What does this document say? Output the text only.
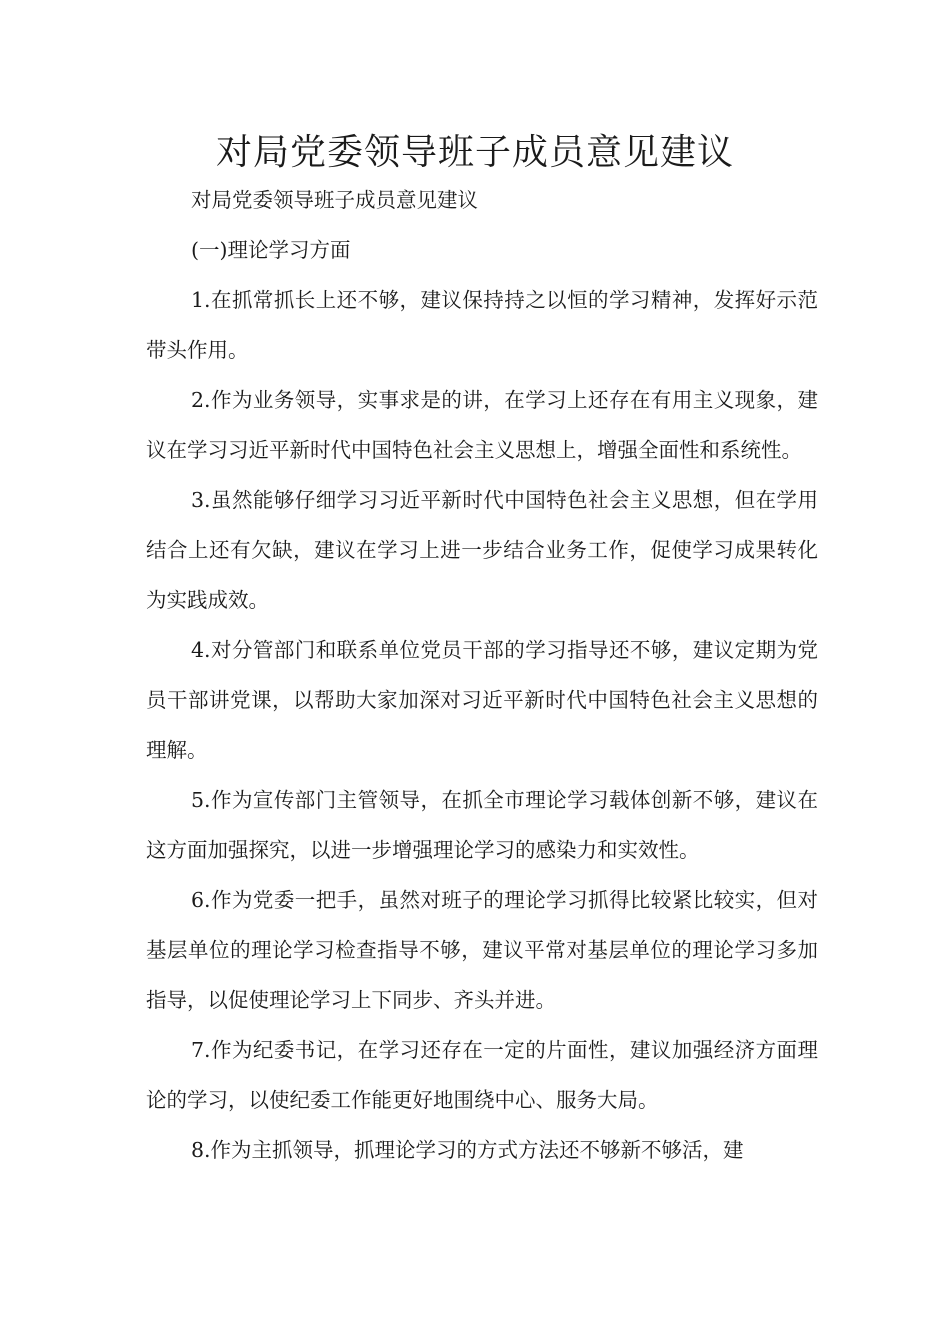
对局党委领导班子成员意见建议

对局党委领导班子成员意见建议

(一)理论学习方面

1.在抓常抓长上还不够，建议保持持之以恒的学习精神，发挥好示范带头作用。

2.作为业务领导，实事求是的讲，在学习上还存在有用主义现象，建议在学习习近平新时代中国特色社会主义思想上，增强全面性和系统性。

3.虽然能够仔细学习习近平新时代中国特色社会主义思想，但在学用结合上还有欠缺，建议在学习上进一步结合业务工作，促使学习成果转化为实践成效。

4.对分管部门和联系单位党员干部的学习指导还不够，建议定期为党员干部讲党课，以帮助大家加深对习近平新时代中国特色社会主义思想的理解。

5.作为宣传部门主管领导，在抓全市理论学习载体创新不够，建议在这方面加强探究，以进一步增强理论学习的感染力和实效性。

6.作为党委一把手，虽然对班子的理论学习抓得比较紧比较实，但对基层单位的理论学习检查指导不够，建议平常对基层单位的理论学习多加指导，以促使理论学习上下同步、齐头并进。

7.作为纪委书记，在学习还存在一定的片面性，建议加强经济方面理论的学习，以使纪委工作能更好地围绕中心、服务大局。

8.作为主抓领导，抓理论学习的方式方法还不够新不够活，建
